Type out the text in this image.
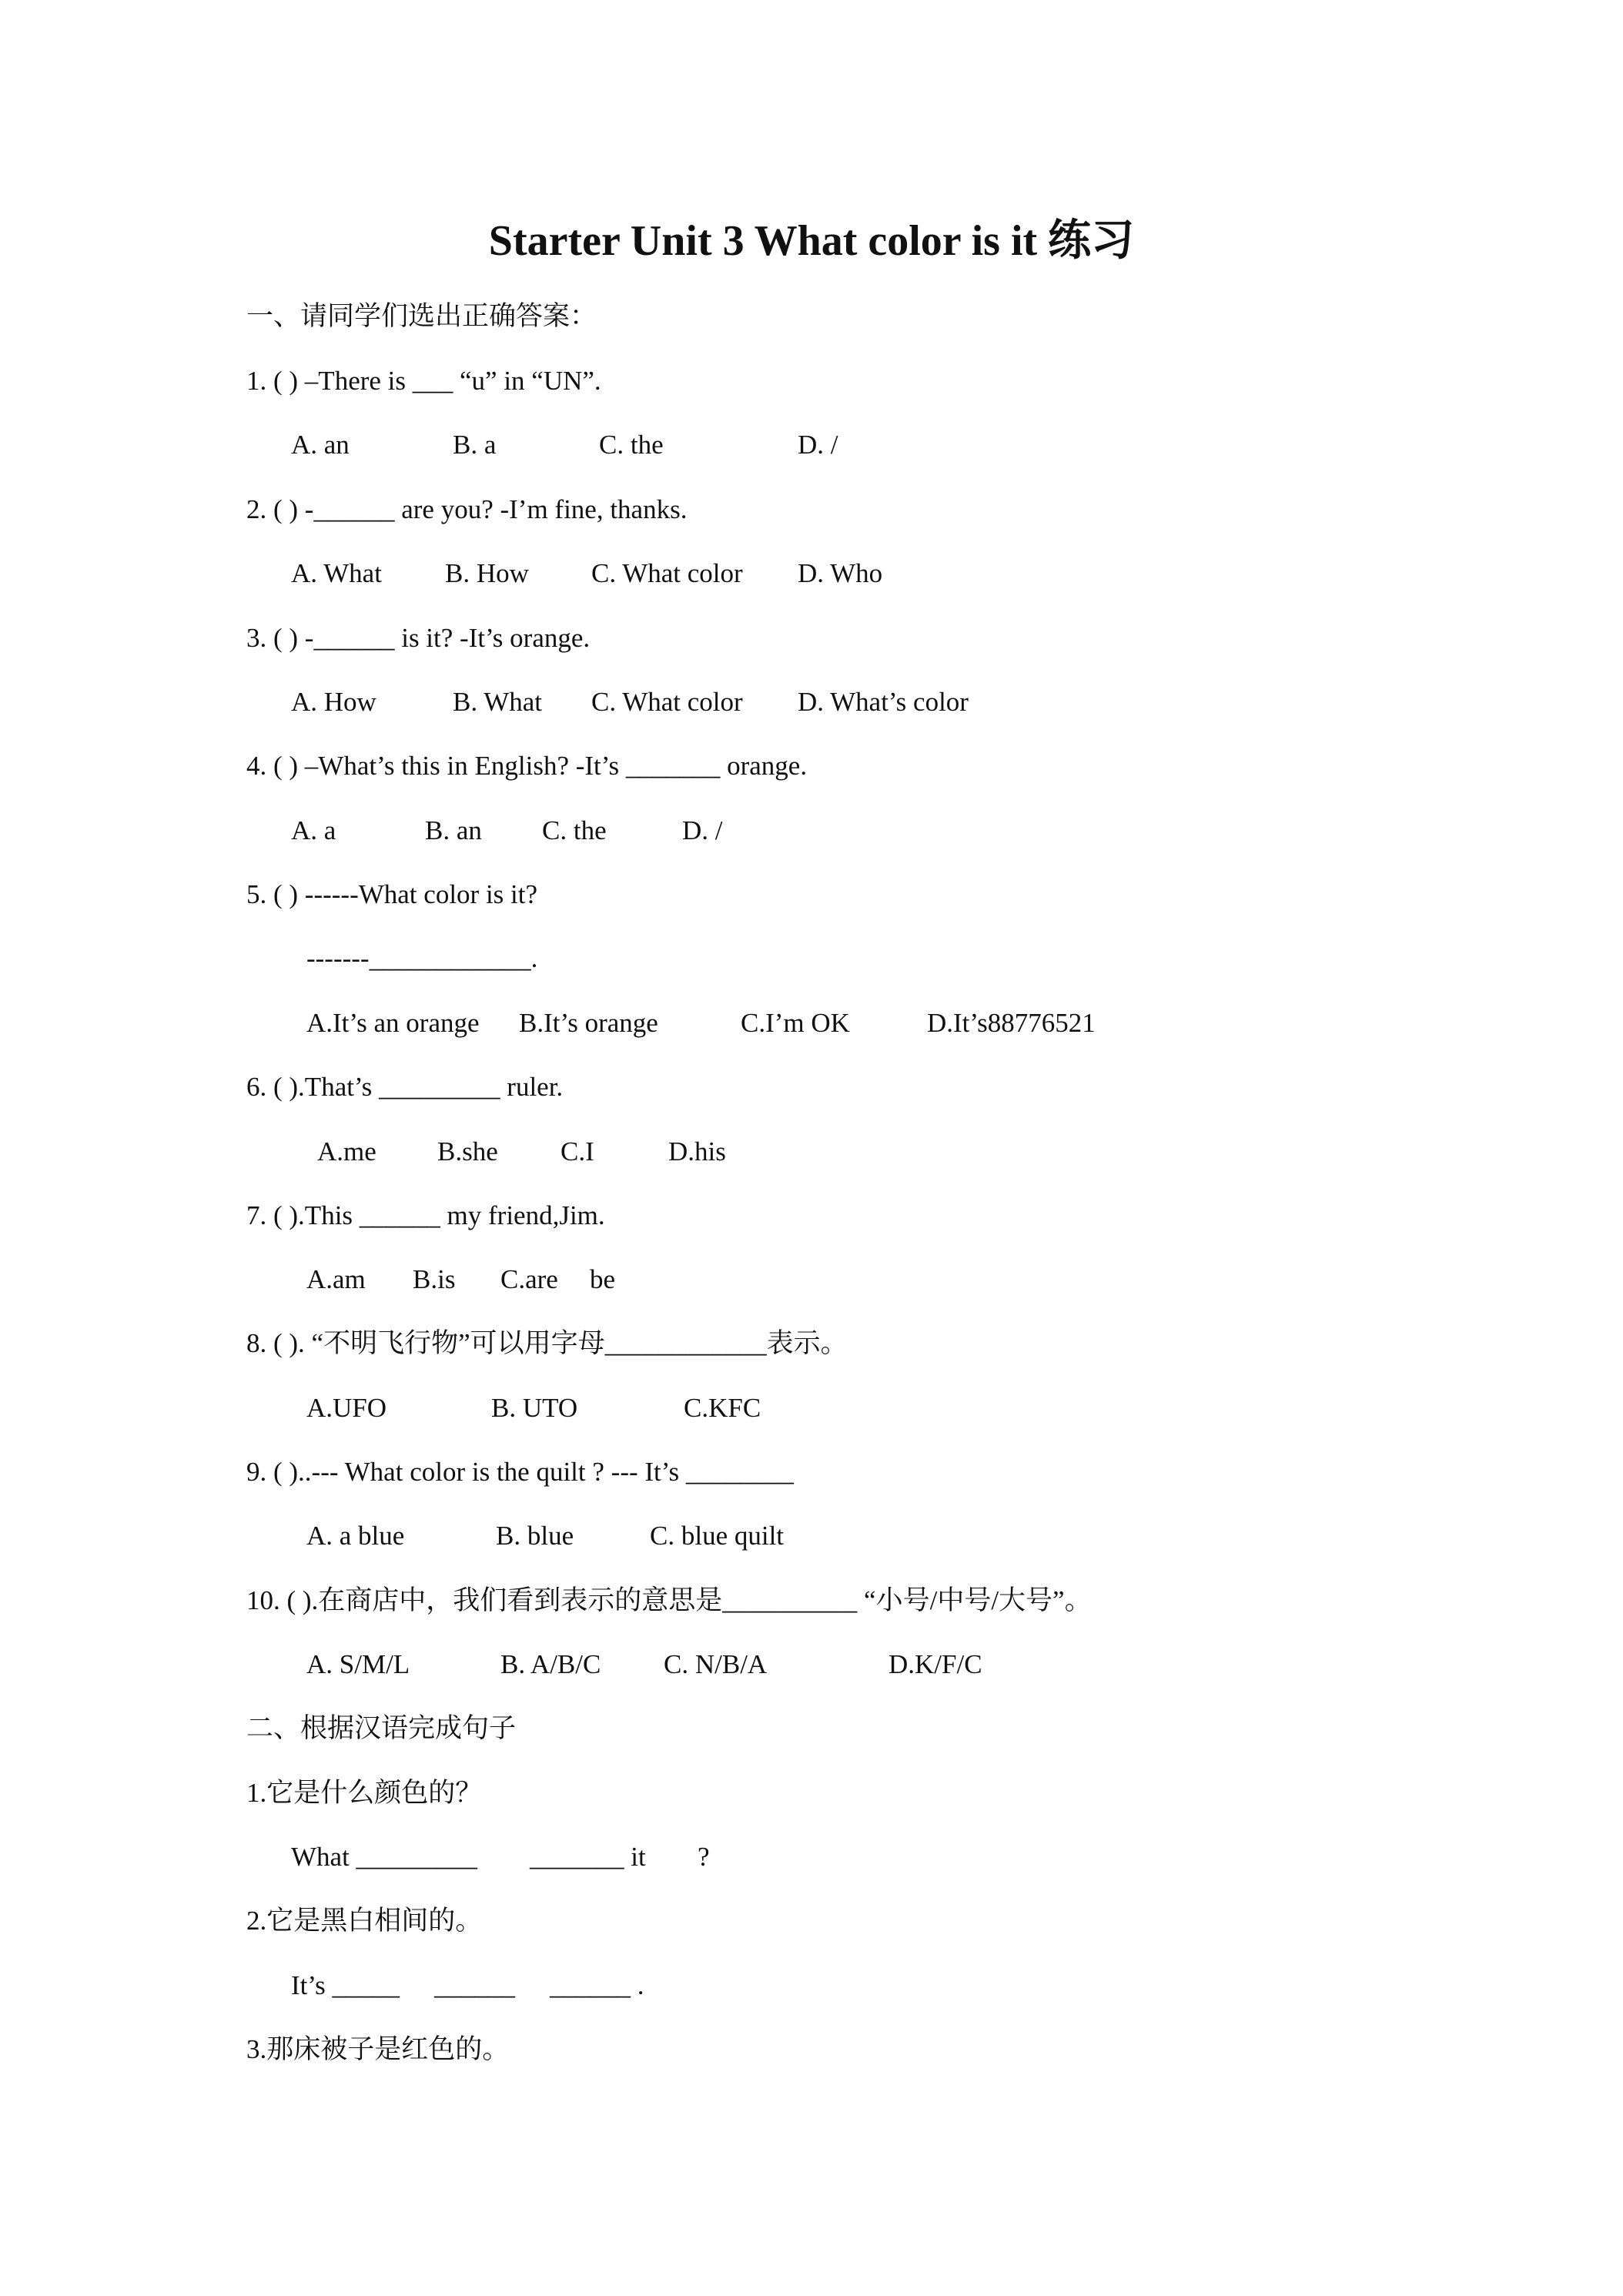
Starter Unit 3 What color is it 练习
一、请同学们选出正确答案：
1. ( ) –There is ___ “u” in “UN”.
A. an	B. a	C. the	D. /
2. ( ) -______ are you? -I’m fine, thanks.
A. What B. How C. What color D. Who
3. ( ) -______ is it? -It’s orange.
A. How	B. What C. What color D. What’s color
4. ( ) –What’s this in English? -It’s _______ orange.
A. a	B. an C. the	D. /
5. ( ) ------What color is it?
-------____________.
A.It’s an orange B.It’s orange	C.I’m OK	D.It’s88776521
6. ( ).That’s _________ ruler.
A.me B.she C.I	D.his
7. ( ).This ______ my friend,Jim.
A.am B.is C.are be
8. ( ). “不明飞行物”可以用字母____________表示。
A.UFO	B. UTO	C.KFC
9. ( )..--- What color is the quilt ? --- It’s ________
A. a blue	B. blue	C. blue quilt
10. ( ).在商店中，我们看到表示的意思是__________ “小号/中号/大号”。
A. S/M/L	B. A/B/C C. N/B/A	D.K/F/C
二、根据汉语完成句子
1.它是什么颜色的？
What _________ _______ it ?
2.它是黑白相间的。
It’s _____ ______ ______ .
3.那床被子是红色的。
